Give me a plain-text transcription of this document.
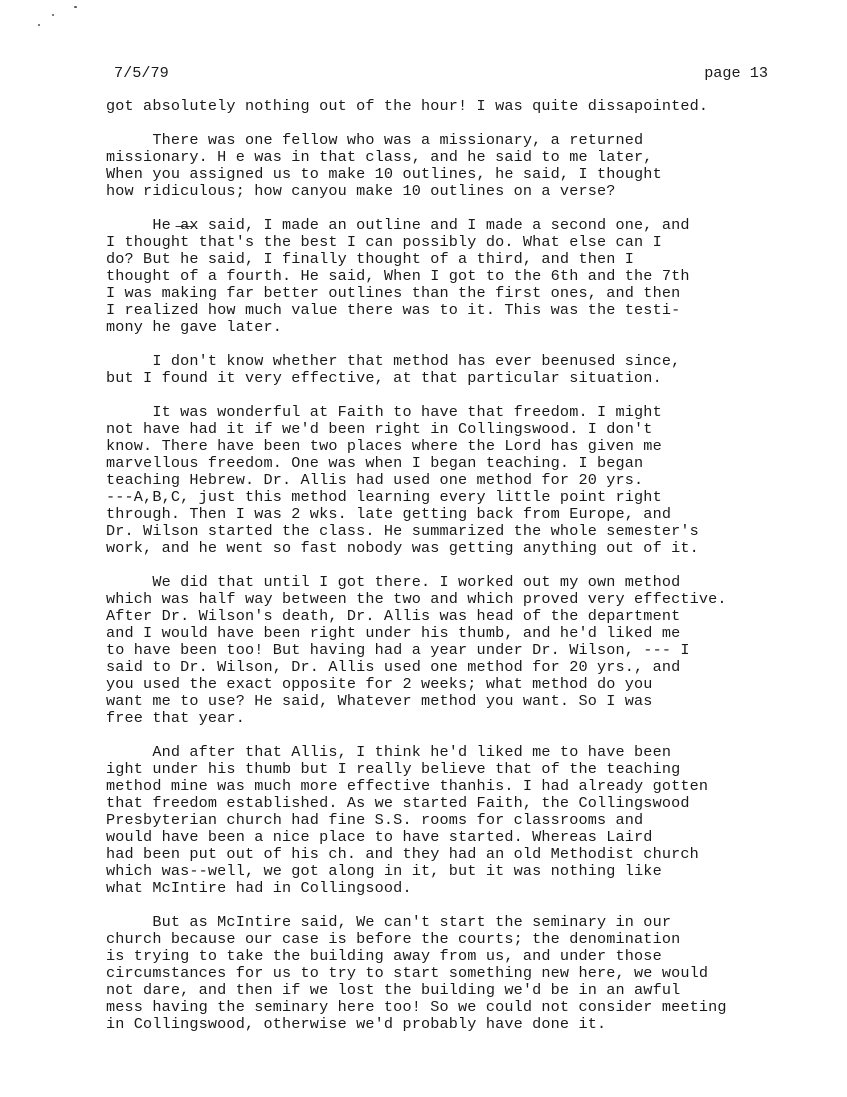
7/5/79	page 13
got absolutely nothing out of the hour! I was quite dissapointed.
There was one fellow who was a missionary, a returned
missionary. H e was in that class, and he said to me later,
When you assigned us to make 10 outlines, he said, I thought
how ridiculous; how canyou make 10 outlines on a verse?
He ̶a̶x said, I made an outline and I made a second one, and
I thought that's the best I can possibly do. What else can I
do? But he said, I finally thought of a third, and then I
thought of a fourth. He said, When I got to the 6th and the 7th
I was making far better outlines than the first ones, and then
I realized how much value there was to it. This was the testi-
mony he gave later.
I don't know whether that method has ever beenused since,
but I found it very effective, at that particular situation.
It was wonderful at Faith to have that freedom. I might
not have had it if we'd been right in Collingswood. I don't
know. There have been two places where the Lord has given me
marvellous freedom. One was when I began teaching. I began
teaching Hebrew. Dr. Allis had used one method for 20 yrs.
---A,B,C, just this method learning every little point right
through. Then I was 2 wks. late getting back from Europe, and
Dr. Wilson started the class. He summarized the whole semester's
work, and he went so fast nobody was getting anything out of it.
We did that until I got there. I worked out my own method
which was half way between the two and which proved very effective.
After Dr. Wilson's death, Dr. Allis was head of the department
and I would have been right under his thumb, and he'd liked me
to have been too! But having had a year under Dr. Wilson, --- I
said to Dr. Wilson, Dr. Allis used one method for 20 yrs., and
you used the exact opposite for 2 weeks; what method do you
want me to use? He said, Whatever method you want. So I was
free that year.
And after that Allis, I think he'd liked me to have been
ight under his thumb but I really believe that of the teaching
method mine was much more effective thanhis. I had already gotten
that freedom established. As we started Faith, the Collingswood
Presbyterian church had fine S.S. rooms for classrooms and
would have been a nice place to have started. Whereas Laird
had been put out of his ch. and they had an old Methodist church
which was--well, we got along in it, but it was nothing like
what McIntire had in Collingsood.
But as McIntire said, We can't start the seminary in our
church because our case is before the courts; the denomination
is trying to take the building away from us, and under those
circumstances for us to try to start something new here, we would
not dare, and then if we lost the building we'd be in an awful
mess having the seminary here too! So we could not consider meeting
in Collingswood, otherwise we'd probably have done it.
